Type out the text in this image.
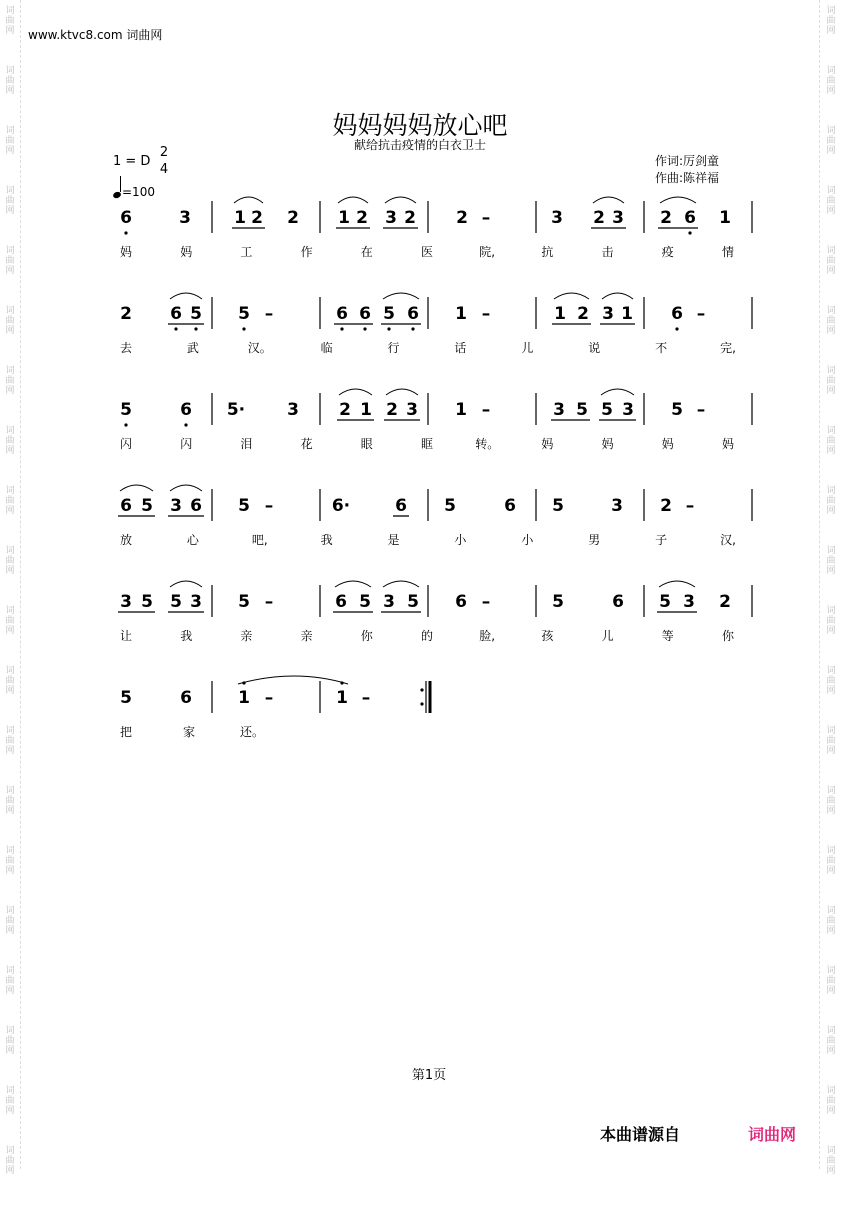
词
曲
网
词
曲
网
词
曲
网
词
曲
网
词
曲
网
词
曲
网
词
曲
网
词
曲
网
词
曲
网
词
曲
网
词
曲
网
词
曲
网
词
曲
网
词
曲
网
词
曲
网
词
曲
网
词
曲
网
词
曲
网
词
曲
网
词
曲
网
词
曲
网
词
曲
网
词
曲
网
词
曲
网
词
曲
网
词
曲
网
词
曲
网
词
曲
网
词
曲
网
词
曲
网
词
曲
网
词
曲
网
词
曲
网
词
曲
网
词
曲
网
词
曲
网
词
曲
网
词
曲
网
词
曲
网
词
曲
网
www.ktvc8.com 词曲网
妈妈妈妈放心吧
献给抗击疫情的白衣卫士
1 = D
2
4
=100
作词:厉剑童
作曲:陈祥福
6	3	1 2 2 1 2 3 2 2 –	3 2 3 2 6 1
妈	妈	工	作	在	医	院,	抗	击	疫	情
2 6 5 5 –	6 6 5 6 1 –	1 2 3 1 6 –
去	武	汉。	临	行	话	儿	说	不	完,
5	6 5· 3 2 1 2 3 1 –	3 5 5 3 5 –
闪	闪	泪	花	眼	眶	转。	妈	妈	妈	妈
6 5 3 6 5 –	6·	6 5	6 5	3 2 –
放	心	吧,	我	是	小	小	男	子	汉,
3 5 5 3 5 –	6 5 3 5 6 –	5	6 5 3 2
让	我	亲	亲	你	的	脸,	孩	儿	等	你
5	6	1 –	1 –
把	家	还。
第1页
本曲谱源自	词曲网
